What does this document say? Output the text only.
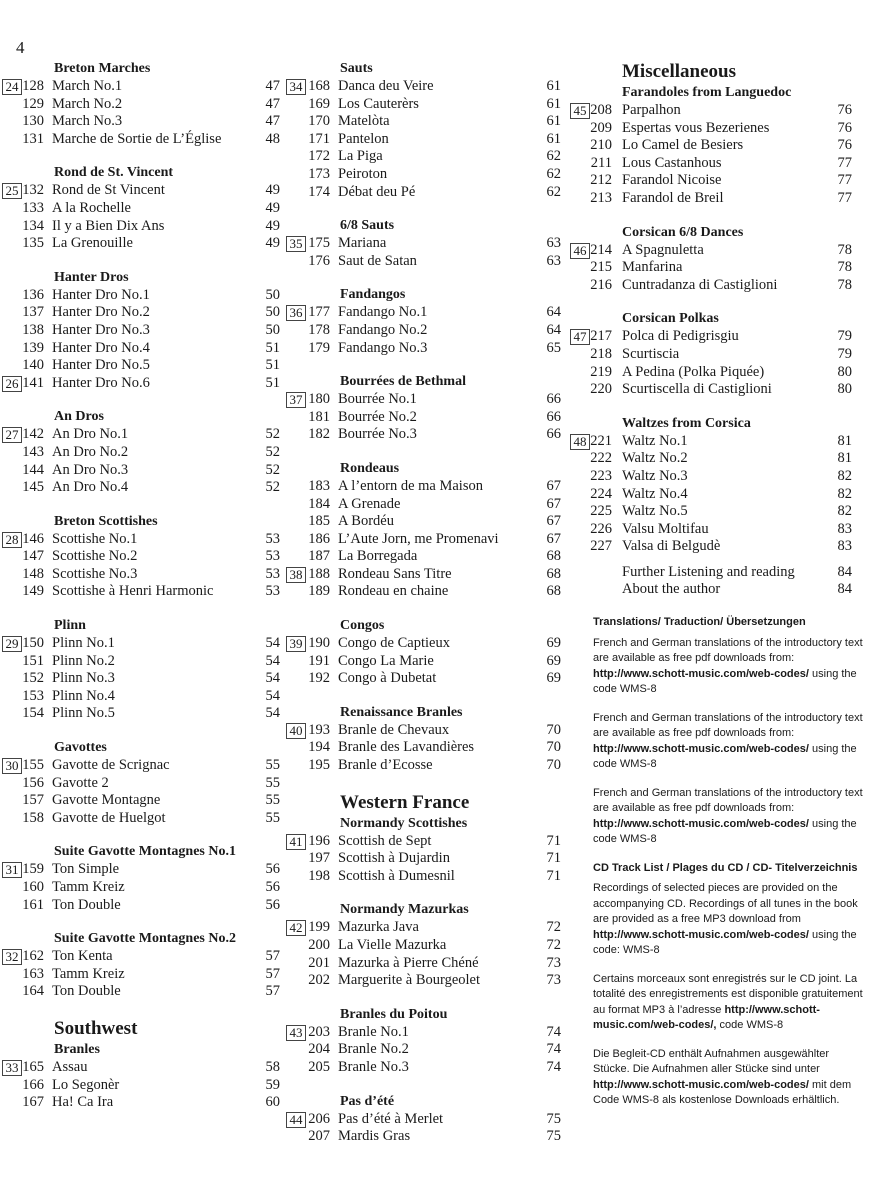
4
Breton Marches
24 128 March No.1	47
129 March No.2	47
130 March No.3	47
131 Marche de Sortie de L’Église	48
Rond de St. Vincent
25 132 Rond de St Vincent	49
133 A la Rochelle	49
134 Il y a Bien Dix Ans	49
135 La Grenouille	49
Hanter Dros
136 Hanter Dro No.1	50
137 Hanter Dro No.2	50
138 Hanter Dro No.3	50
139 Hanter Dro No.4	51
140 Hanter Dro No.5	51
26 141 Hanter Dro No.6	51
An Dros
27 142 An Dro No.1	52
143 An Dro No.2	52
144 An Dro No.3	52
145 An Dro No.4	52
Breton Scottishes
28 146 Scottishe No.1	53
147 Scottishe No.2	53
148 Scottishe No.3	53
149 Scottishe à Henri Harmonic	53
Plinn
29 150 Plinn No.1	54
151 Plinn No.2	54
152 Plinn No.3	54
153 Plinn No.4	54
154 Plinn No.5	54
Gavottes
30 155 Gavotte de Scrignac	55
156 Gavotte 2	55
157 Gavotte Montagne	55
158 Gavotte de Huelgot	55
Suite Gavotte Montagnes No.1
31 159 Ton Simple	56
160 Tamm Kreiz	56
161 Ton Double	56
Suite Gavotte Montagnes No.2
32 162 Ton Kenta	57
163 Tamm Kreiz	57
164 Ton Double	57
Southwest
Branles
33 165 Assau	58
166 Lo Segonèr	59
167 Ha! Ca Ira	60
Sauts
34 168 Danca deu Veire	61
169 Los Cauterèrs	61
170 Matelòta	61
171 Pantelon	61
172 La Piga	62
173 Peiroton	62
174 Débat deu Pé	62
6/8 Sauts
35 175 Mariana	63
176 Saut de Satan	63
Fandangos
36 177 Fandango No.1	64
178 Fandango No.2	64
179 Fandango No.3	65
Bourrées de Bethmal
37 180 Bourrée No.1	66
181 Bourrée No.2	66
182 Bourrée No.3	66
Rondeaus
183 A l’entorn de ma Maison	67
184 A Grenade	67
185 A Bordéu	67
186 L’Aute Jorn, me Promenavi	67
187 La Borregada	68
38 188 Rondeau Sans Titre	68
189 Rondeau en chaine	68
Congos
39 190 Congo de Captieux	69
191 Congo La Marie	69
192 Congo à Dubetat	69
Renaissance Branles
40 193 Branle de Chevaux	70
194 Branle des Lavandières	70
195 Branle d’Ecosse	70
Western France
Normandy Scottishes
41 196 Scottish de Sept	71
197 Scottish à Dujardin	71
198 Scottish à Dumesnil	71
Normandy Mazurkas
42 199 Mazurka Java	72
200 La Vielle Mazurka	72
201 Mazurka à Pierre Chéné	73
202 Marguerite à Bourgeolet	73
Branles du Poitou
43 203 Branle No.1	74
204 Branle No.2	74
205 Branle No.3	74
Pas d’été
44 206 Pas d’été à Merlet	75
207 Mardis Gras	75
Miscellaneous
Farandoles from Languedoc
45 208 Parpalhon	76
209 Espertas vous Bezerienes	76
210 Lo Camel de Besiers	76
211 Lous Castanhous	77
212 Farandol Nicoise	77
213 Farandol de Breil	77
Corsican 6/8 Dances
46 214 A Spagnuletta	78
215 Manfarina	78
216 Cuntradanza di Castiglioni	78
Corsican Polkas
47 217 Polca di Pedigrisgiu	79
218 Scurtiscia	79
219 A Pedina (Polka Piquée)	80
220 Scurtiscella di Castiglioni	80
Waltzes from Corsica
48 221 Waltz No.1	81
222 Waltz No.2	81
223 Waltz No.3	82
224 Waltz No.4	82
225 Waltz No.5	82
226 Valsu Moltifau	83
227 Valsa di Belgudè	83
Further Listening and reading	84
About the author	84
Translations/ Traduction/ Übersetzungen

French and German translations of the introductory text are available as free pdf downloads from: http://www.schott-music.com/web-codes/ using the code WMS-8

French and German translations of the introductory text are available as free pdf downloads from: http://www.schott-music.com/web-codes/ using the code WMS-8

French and German translations of the introductory text are available as free pdf downloads from: http://www.schott-music.com/web-codes/ using the code WMS-8

CD Track List / Plages du CD / CD- Titelverzeichnis

Recordings of selected pieces are provided on the accompanying CD. Recordings of all tunes in the book are provided as a free MP3 download from http://www.schott-music.com/web-codes/ using the code: WMS-8

Certains morceaux sont enregistrés sur le CD joint. La totalité des enregistrements est disponible gratuitement au format MP3 à l’adresse http://www.schott-music.com/web-codes/, code WMS-8

Die Begleit-CD enthält Aufnahmen ausgewählter Stücke. Die Aufnahmen aller Stücke sind unter http://www.schott-music.com/web-codes/ mit dem Code WMS-8 als kostenlose Downloads erhältlich.
